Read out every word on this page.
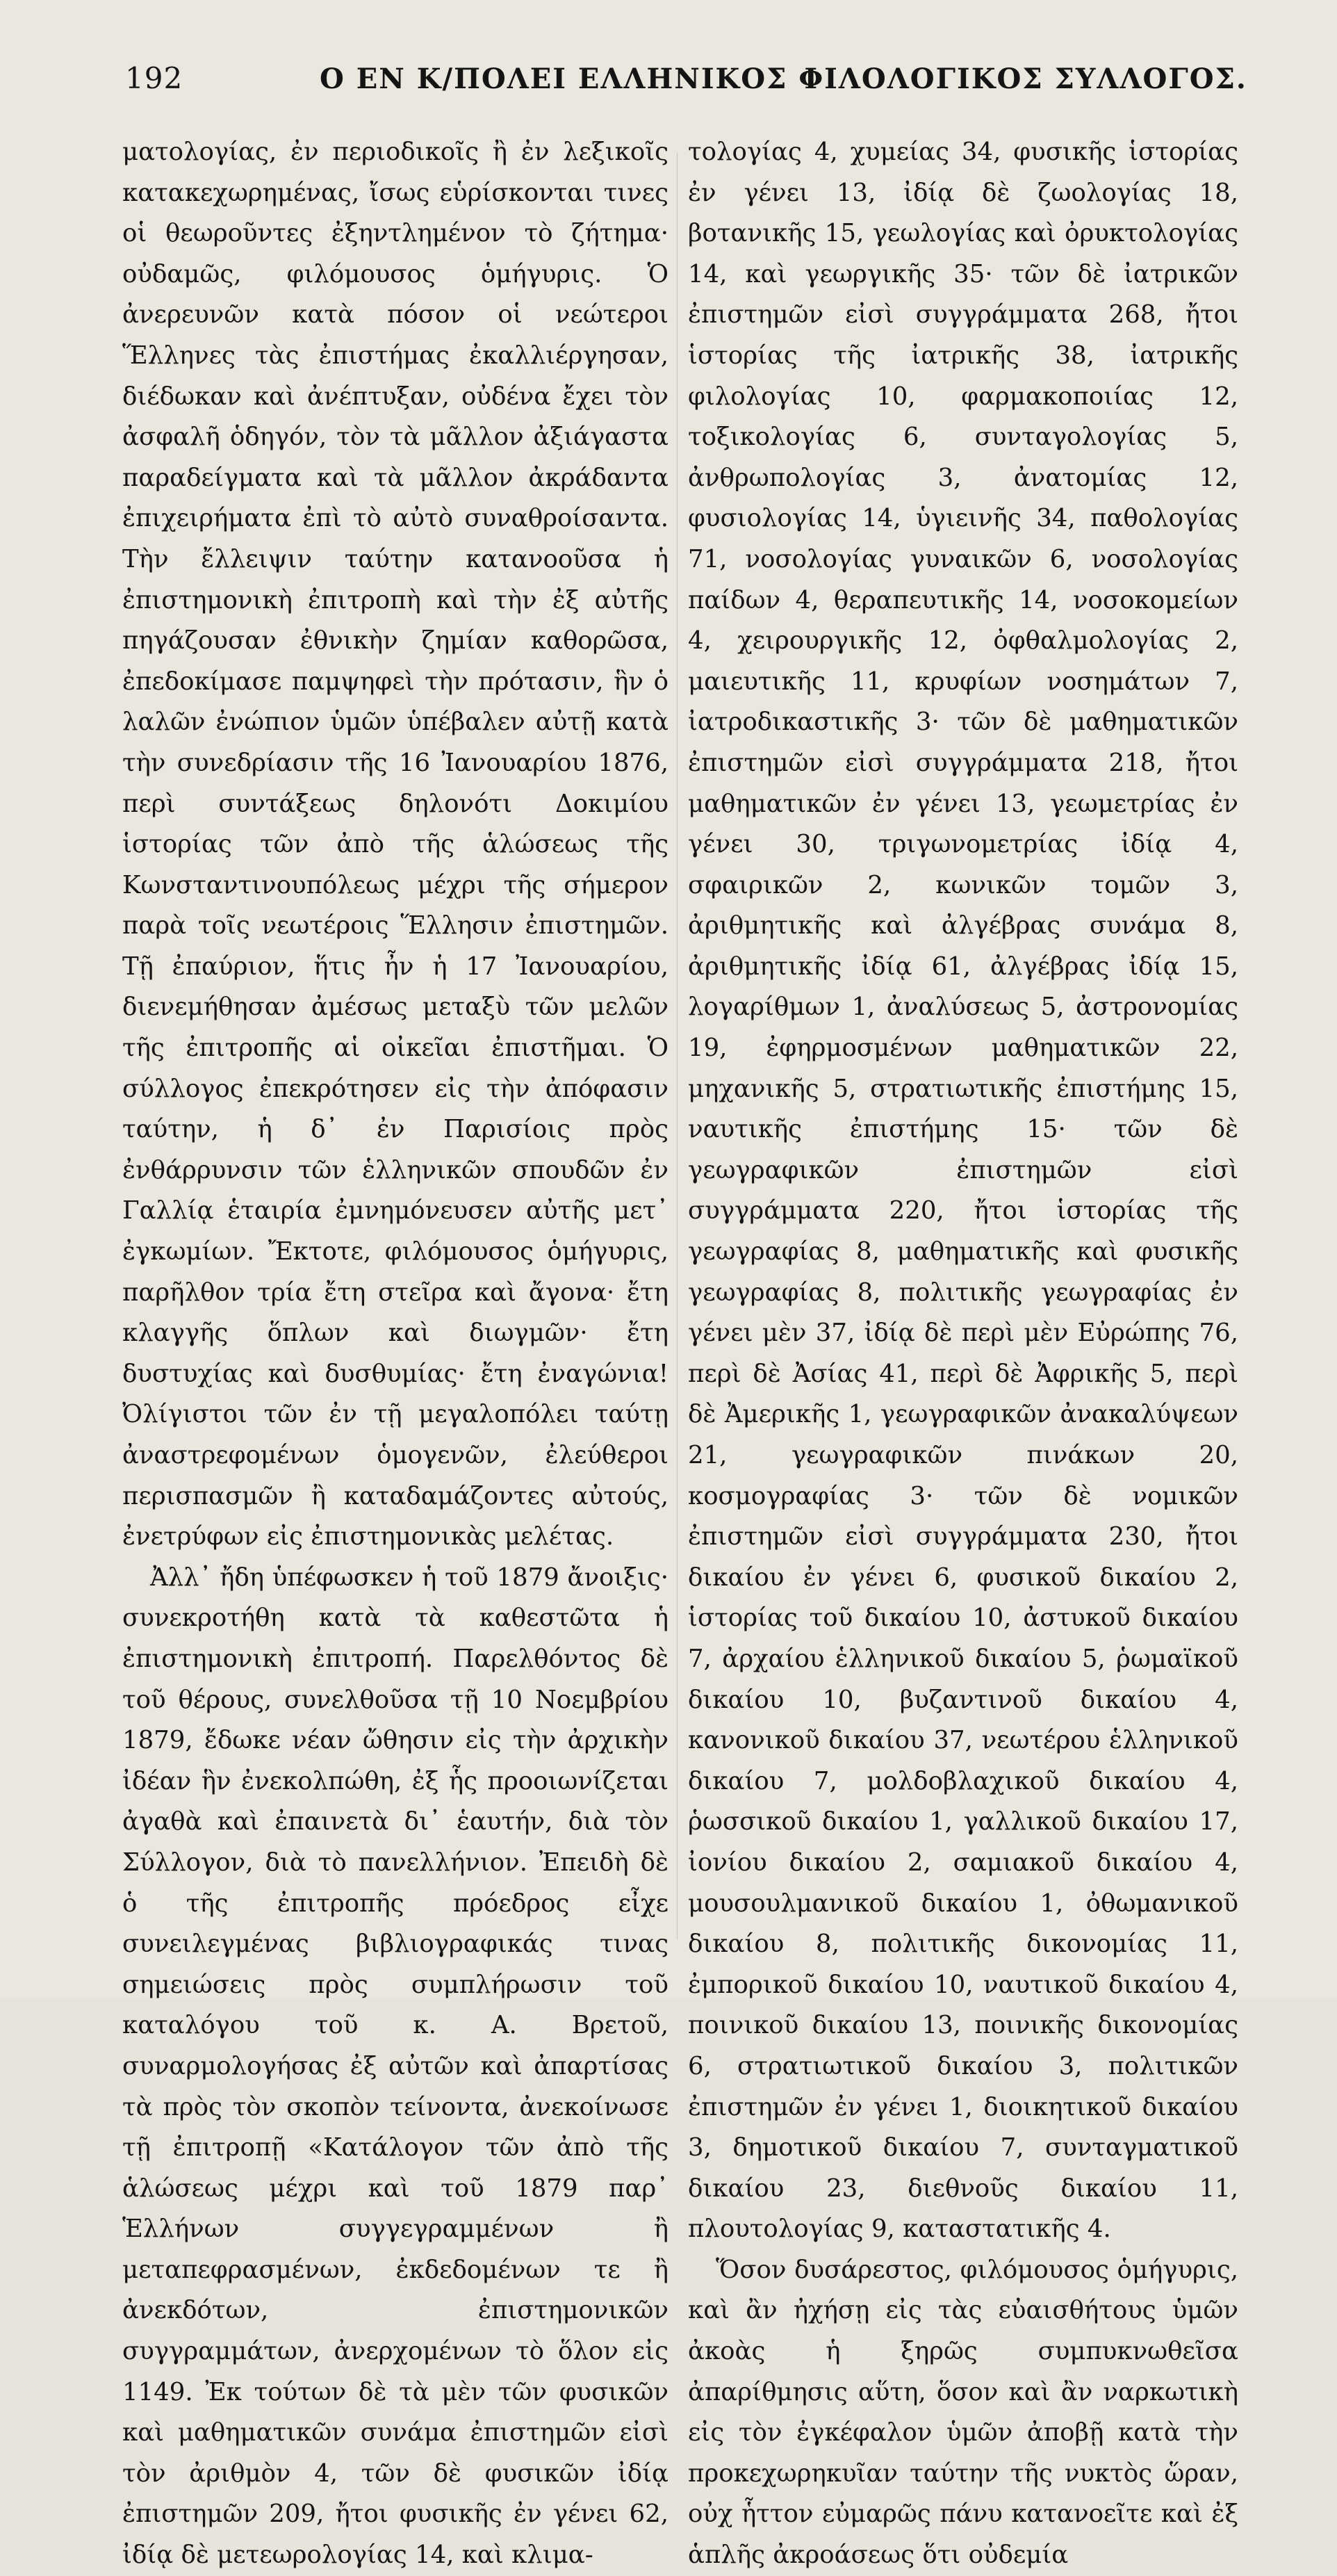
192	Ο ΕΝ Κ/ΠΟΛΕΙ ΕΛΛΗΝΙΚΟΣ ΦΙΛΟΛΟΓΙΚΟΣ ΣΥΛΛΟΓΟΣ.

ματολογίας, ἐν περιοδικοῖς ἢ ἐν λεξικοῖς κατακεχωρημένας, ἴσως εὑρίσκονται τινες οἱ θεωροῦντες ἐξηντλημένον τὸ ζήτημα· οὐδαμῶς, φιλόμουσος ὁμήγυρις. Ὁ ἀνερευνῶν κατὰ πόσον οἱ νεώτεροι Ἕλληνες τὰς ἐπιστήμας ἐκαλλιέργησαν, διέδωκαν καὶ ἀνέπτυξαν, οὐδένα ἔχει τὸν ἀσφαλῆ ὁδηγόν, τὸν τὰ μᾶλλον ἀξιάγαστα παραδείγματα καὶ τὰ μᾶλλον ἀκράδαντα ἐπιχειρήματα ἐπὶ τὸ αὐτὸ συναθροίσαντα. Τὴν ἔλλειψιν ταύτην κατανοοῦσα ἡ ἐπιστημονικὴ ἐπιτροπὴ καὶ τὴν ἐξ αὐτῆς πηγάζουσαν ἐθνικὴν ζημίαν καθορῶσα, ἐπεδοκίμασε παμψηφεὶ τὴν πρότασιν, ἣν ὁ λαλῶν ἐνώπιον ὑμῶν ὑπέβαλεν αὐτῇ κατὰ τὴν συνεδρίασιν τῆς 16 Ἰανουαρίου 1876, περὶ συντάξεως δηλονότι Δοκιμίου ἱστορίας τῶν ἀπὸ τῆς ἁλώσεως τῆς Κωνσταντινουπόλεως μέχρι τῆς σήμερον παρὰ τοῖς νεωτέροις Ἕλλησιν ἐπιστημῶν. Τῇ ἐπαύριον, ἥτις ἦν ἡ 17 Ἰανουαρίου, διενεμήθησαν ἀμέσως μεταξὺ τῶν μελῶν τῆς ἐπιτροπῆς αἱ οἰκεῖαι ἐπιστῆμαι. Ὁ σύλλογος ἐπεκρότησεν εἰς τὴν ἀπόφασιν ταύτην, ἡ δ᾽ ἐν Παρισίοις πρὸς ἐνθάρρυνσιν τῶν ἑλληνικῶν σπουδῶν ἐν Γαλλίᾳ ἑταιρία ἐμνημόνευσεν αὐτῆς μετ᾽ ἐγκωμίων. Ἔκτοτε, φιλόμουσος ὁμήγυρις, παρῆλθον τρία ἔτη στεῖρα καὶ ἄγονα· ἔτη κλαγγῆς ὅπλων καὶ διωγμῶν· ἔτη δυστυχίας καὶ δυσθυμίας· ἔτη ἐναγώνια! Ὀλίγιστοι τῶν ἐν τῇ μεγαλοπόλει ταύτῃ ἀναστρεφομένων ὁμογενῶν, ἐλεύθεροι περισπασμῶν ἢ καταδαμάζοντες αὐτούς, ἐνετρύφων εἰς ἐπιστημονικὰς μελέτας.

Ἀλλ᾽ ἤδη ὑπέφωσκεν ἡ τοῦ 1879 ἄνοιξις· συνεκροτήθη κατὰ τὰ καθεστῶτα ἡ ἐπιστημονικὴ ἐπιτροπή. Παρελθόντος δὲ τοῦ θέρους, συνελθοῦσα τῇ 10 Νοεμβρίου 1879, ἔδωκε νέαν ὤθησιν εἰς τὴν ἀρχικὴν ἰδέαν ἣν ἐνεκολπώθη, ἐξ ἧς προοιωνίζεται ἀγαθὰ καὶ ἐπαινετὰ δι᾽ ἑαυτήν, διὰ τὸν Σύλλογον, διὰ τὸ πανελλήνιον. Ἐπειδὴ δὲ ὁ τῆς ἐπιτροπῆς πρόεδρος εἶχε συνειλεγμένας βιβλιογραφικάς τινας σημειώσεις πρὸς συμπλήρωσιν τοῦ καταλόγου τοῦ κ. Α. Βρετοῦ, συναρμολογήσας ἐξ αὐτῶν καὶ ἀπαρτίσας τὰ πρὸς τὸν σκοπὸν τείνοντα, ἀνεκοίνωσε τῇ ἐπιτροπῇ «Κατάλογον τῶν ἀπὸ τῆς ἁλώσεως μέχρι καὶ τοῦ 1879 παρ᾽ Ἑλλήνων συγγεγραμμένων ἢ μεταπεφρασμένων, ἐκδεδομένων τε ἢ ἀνεκδότων, ἐπιστημονικῶν συγγραμμάτων, ἀνερχομένων τὸ ὅλον εἰς 1149. Ἐκ τούτων δὲ τὰ μὲν τῶν φυσικῶν καὶ μαθηματικῶν συνάμα ἐπιστημῶν εἰσὶ τὸν ἀριθμὸν 4, τῶν δὲ φυσικῶν ἰδίᾳ ἐπιστημῶν 209, ἤτοι φυσικῆς ἐν γένει 62, ἰδίᾳ δὲ μετεωρολογίας 14, καὶ κλιμα-

τολογίας 4, χυμείας 34, φυσικῆς ἱστορίας ἐν γένει 13, ἰδίᾳ δὲ ζωολογίας 18, βοτανικῆς 15, γεωλογίας καὶ ὀρυκτολογίας 14, καὶ γεωργικῆς 35· τῶν δὲ ἰατρικῶν ἐπιστημῶν εἰσὶ συγγράμματα 268, ἤτοι ἱστορίας τῆς ἰατρικῆς 38, ἰατρικῆς φιλολογίας 10, φαρμακοποιίας 12, τοξικολογίας 6, συνταγολογίας 5, ἀνθρωπολογίας 3, ἀνατομίας 12, φυσιολογίας 14, ὑγιεινῆς 34, παθολογίας 71, νοσολογίας γυναικῶν 6, νοσολογίας παίδων 4, θεραπευτικῆς 14, νοσοκομείων 4, χειρουργικῆς 12, ὀφθαλμολογίας 2, μαιευτικῆς 11, κρυφίων νοσημάτων 7, ἰατροδικαστικῆς 3· τῶν δὲ μαθηματικῶν ἐπιστημῶν εἰσὶ συγγράμματα 218, ἤτοι μαθηματικῶν ἐν γένει 13, γεωμετρίας ἐν γένει 30, τριγωνομετρίας ἰδίᾳ 4, σφαιρικῶν 2, κωνικῶν τομῶν 3, ἀριθμητικῆς καὶ ἀλγέβρας συνάμα 8, ἀριθμητικῆς ἰδίᾳ 61, ἀλγέβρας ἰδίᾳ 15, λογαρίθμων 1, ἀναλύσεως 5, ἀστρονομίας 19, ἐφηρμοσμένων μαθηματικῶν 22, μηχανικῆς 5, στρατιωτικῆς ἐπιστήμης 15, ναυτικῆς ἐπιστήμης 15· τῶν δὲ γεωγραφικῶν ἐπιστημῶν εἰσὶ συγγράμματα 220, ἤτοι ἱστορίας τῆς γεωγραφίας 8, μαθηματικῆς καὶ φυσικῆς γεωγραφίας 8, πολιτικῆς γεωγραφίας ἐν γένει μὲν 37, ἰδίᾳ δὲ περὶ μὲν Εὐρώπης 76, περὶ δὲ Ἀσίας 41, περὶ δὲ Ἀφρικῆς 5, περὶ δὲ Ἀμερικῆς 1, γεωγραφικῶν ἀνακαλύψεων 21, γεωγραφικῶν πινάκων 20, κοσμογραφίας 3· τῶν δὲ νομικῶν ἐπιστημῶν εἰσὶ συγγράμματα 230, ἤτοι δικαίου ἐν γένει 6, φυσικοῦ δικαίου 2, ἱστορίας τοῦ δικαίου 10, ἀστυκοῦ δικαίου 7, ἀρχαίου ἑλληνικοῦ δικαίου 5, ῥωμαϊκοῦ δικαίου 10, βυζαντινοῦ δικαίου 4, κανονικοῦ δικαίου 37, νεωτέρου ἑλληνικοῦ δικαίου 7, μολδοβλαχικοῦ δικαίου 4, ῥωσσικοῦ δικαίου 1, γαλλικοῦ δικαίου 17, ἰονίου δικαίου 2, σαμιακοῦ δικαίου 4, μουσουλμανικοῦ δικαίου 1, ὀθωμανικοῦ δικαίου 8, πολιτικῆς δικονομίας 11, ἐμπορικοῦ δικαίου 10, ναυτικοῦ δικαίου 4, ποινικοῦ δικαίου 13, ποινικῆς δικονομίας 6, στρατιωτικοῦ δικαίου 3, πολιτικῶν ἐπιστημῶν ἐν γένει 1, διοικητικοῦ δικαίου 3, δημοτικοῦ δικαίου 7, συνταγματικοῦ δικαίου 23, διεθνοῦς δικαίου 11, πλουτολογίας 9, καταστατικῆς 4.

Ὅσον δυσάρεστος, φιλόμουσος ὁμήγυρις, καὶ ἂν ἠχήσῃ εἰς τὰς εὐαισθήτους ὑμῶν ἀκοὰς ἡ ξηρῶς συμπυκνωθεῖσα ἀπαρίθμησις αὕτη, ὅσον καὶ ἂν ναρκωτικὴ εἰς τὸν ἐγκέφαλον ὑμῶν ἀποβῇ κατὰ τὴν προκεχωρηκυῖαν ταύτην τῆς νυκτὸς ὥραν, οὐχ ἧττον εὐμαρῶς πάνυ κατανοεῖτε καὶ ἐξ ἁπλῆς ἀκροάσεως ὅτι οὐδεμία
